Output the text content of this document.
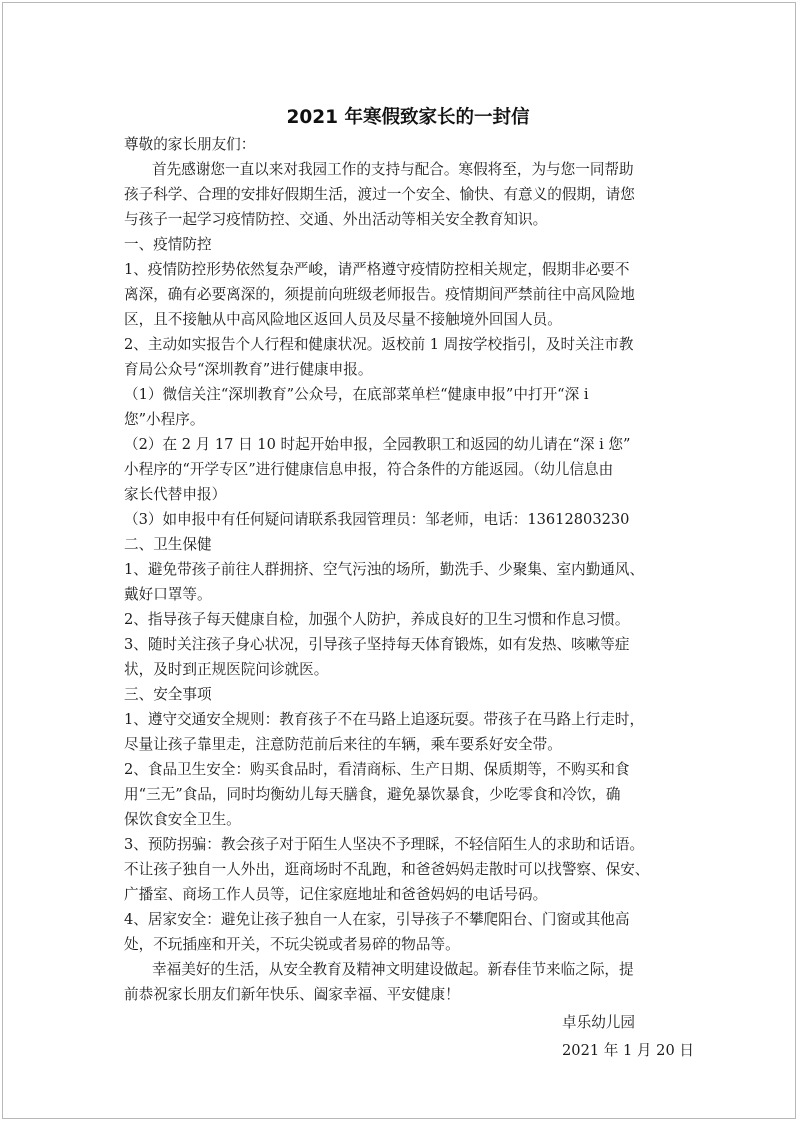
2021 年寒假致家长的一封信

尊敬的家长朋友们：

首先感谢您一直以来对我园工作的支持与配合。寒假将至，为与您一同帮助

孩子科学、合理的安排好假期生活，渡过一个安全、愉快、有意义的假期，请您

与孩子一起学习疫情防控、交通、外出活动等相关安全教育知识。

一、疫情防控

1、疫情防控形势依然复杂严峻，请严格遵守疫情防控相关规定，假期非必要不

离深，确有必要离深的，须提前向班级老师报告。疫情期间严禁前往中高风险地

区，且不接触从中高风险地区返回人员及尽量不接触境外回国人员。

2、主动如实报告个人行程和健康状况。返校前 1 周按学校指引，及时关注市教

育局公众号“深圳教育”进行健康申报。

（1）微信关注“深圳教育”公众号，在底部菜单栏“健康申报”中打开“深 i

您”小程序。

（2）在 2 月 17 日 10 时起开始申报，全园教职工和返园的幼儿请在“深 i 您”

小程序的“开学专区”进行健康信息申报，符合条件的方能返园。（幼儿信息由

家长代替申报）

（3）如申报中有任何疑问请联系我园管理员：邹老师，电话：13612803230

二、卫生保健

1、避免带孩子前往人群拥挤、空气污浊的场所，勤洗手、少聚集、室内勤通风、

戴好口罩等。

2、指导孩子每天健康自检，加强个人防护，养成良好的卫生习惯和作息习惯。

3、随时关注孩子身心状况，引导孩子坚持每天体育锻炼，如有发热、咳嗽等症

状，及时到正规医院问诊就医。

三、安全事项

1、遵守交通安全规则：教育孩子不在马路上追逐玩耍。带孩子在马路上行走时，

尽量让孩子靠里走，注意防范前后来往的车辆，乘车要系好安全带。

2、食品卫生安全：购买食品时，看清商标、生产日期、保质期等，不购买和食

用“三无”食品，同时均衡幼儿每天膳食，避免暴饮暴食，少吃零食和冷饮，确

保饮食安全卫生。

3、预防拐骗：教会孩子对于陌生人坚决不予理睬，不轻信陌生人的求助和话语。

不让孩子独自一人外出，逛商场时不乱跑，和爸爸妈妈走散时可以找警察、保安、

广播室、商场工作人员等，记住家庭地址和爸爸妈妈的电话号码。

4、居家安全：避免让孩子独自一人在家，引导孩子不攀爬阳台、门窗或其他高

处，不玩插座和开关，不玩尖锐或者易碎的物品等。

幸福美好的生活，从安全教育及精神文明建设做起。新春佳节来临之际，提

前恭祝家长朋友们新年快乐、阖家幸福、平安健康！

卓乐幼儿园
2021 年 1 月 20 日
